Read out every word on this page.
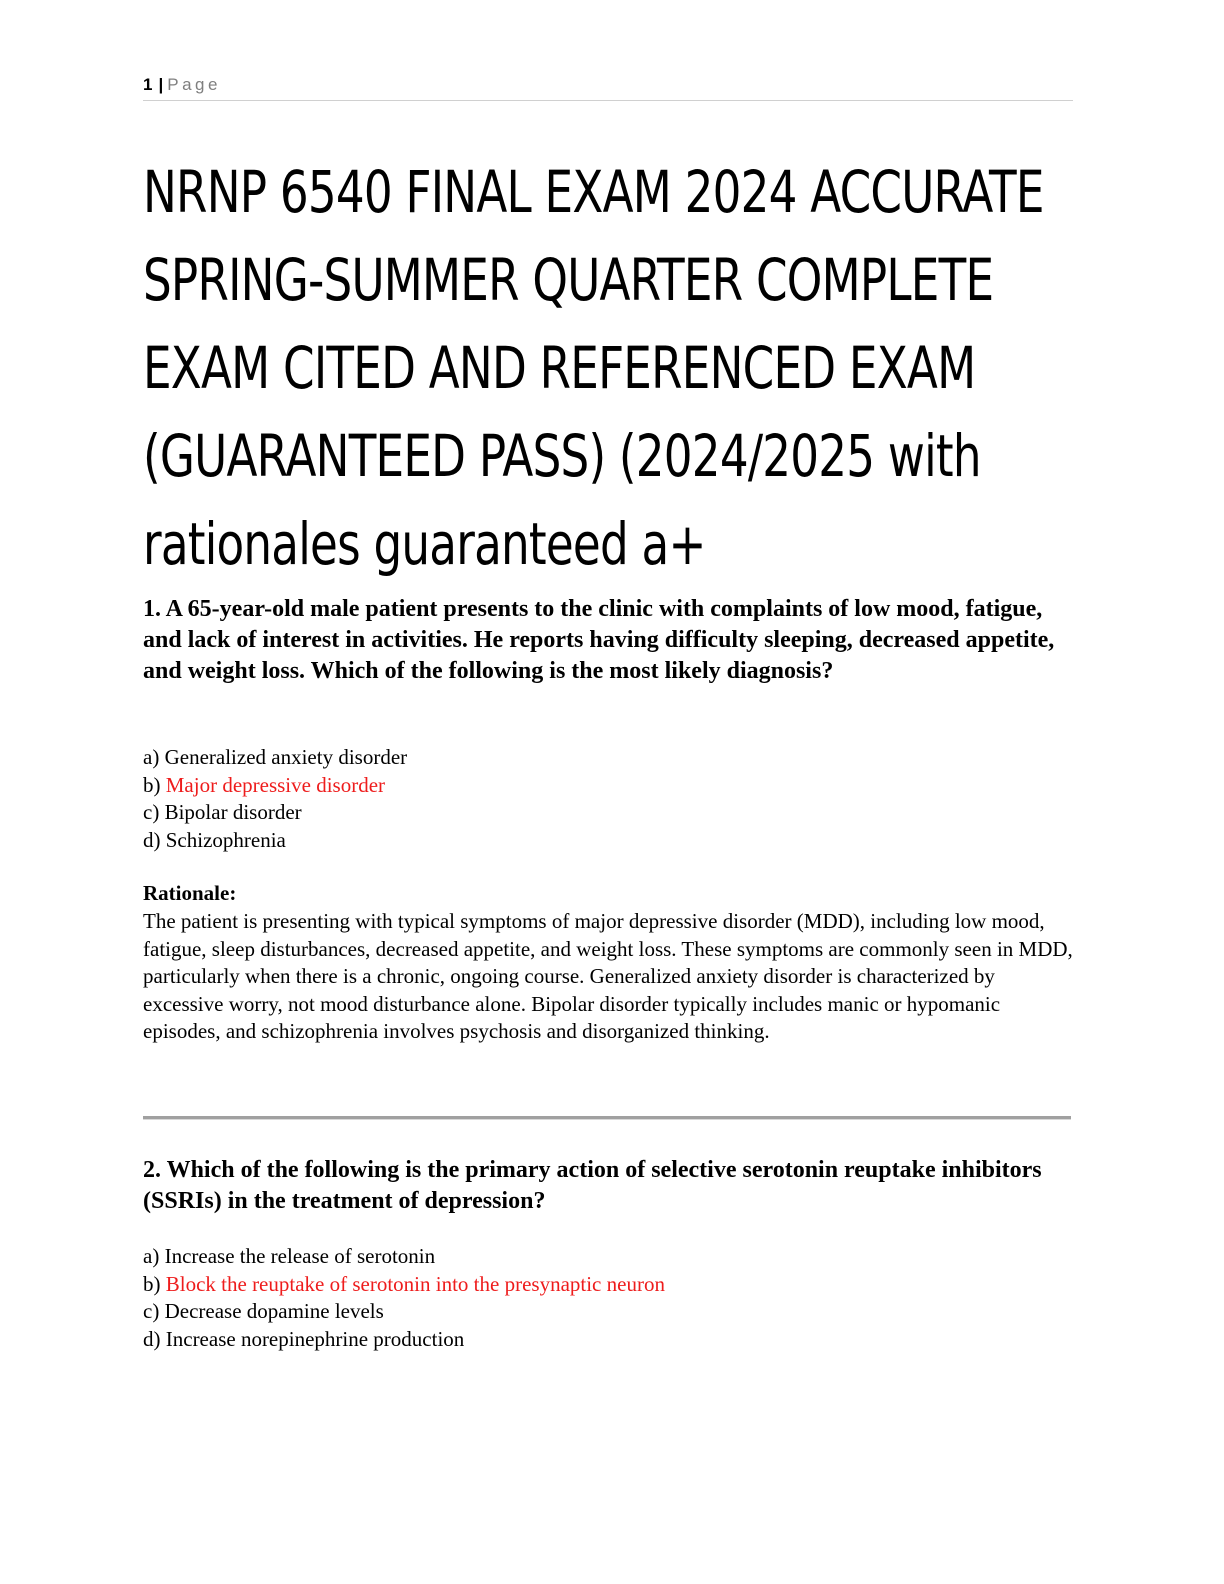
1 | Page
NRNP 6540 FINAL EXAM 2024 ACCURATE
SPRING-SUMMER QUARTER COMPLETE
EXAM CITED AND REFERENCED EXAM
(GUARANTEED PASS) (2024/2025 with
rationales guaranteed a+

1. A 65-year-old male patient presents to the clinic with complaints of low mood, fatigue, and lack of interest in activities. He reports having difficulty sleeping, decreased appetite, and weight loss. Which of the following is the most likely diagnosis?

a) Generalized anxiety disorder
b) Major depressive disorder
c) Bipolar disorder
d) Schizophrenia

Rationale:

The patient is presenting with typical symptoms of major depressive disorder (MDD), including low mood, fatigue, sleep disturbances, decreased appetite, and weight loss. These symptoms are commonly seen in MDD, particularly when there is a chronic, ongoing course. Generalized anxiety disorder is characterized by excessive worry, not mood disturbance alone. Bipolar disorder typically includes manic or hypomanic episodes, and schizophrenia involves psychosis and disorganized thinking.

2. Which of the following is the primary action of selective serotonin reuptake inhibitors (SSRIs) in the treatment of depression?

a) Increase the release of serotonin
b) Block the reuptake of serotonin into the presynaptic neuron
c) Decrease dopamine levels
d) Increase norepinephrine production
